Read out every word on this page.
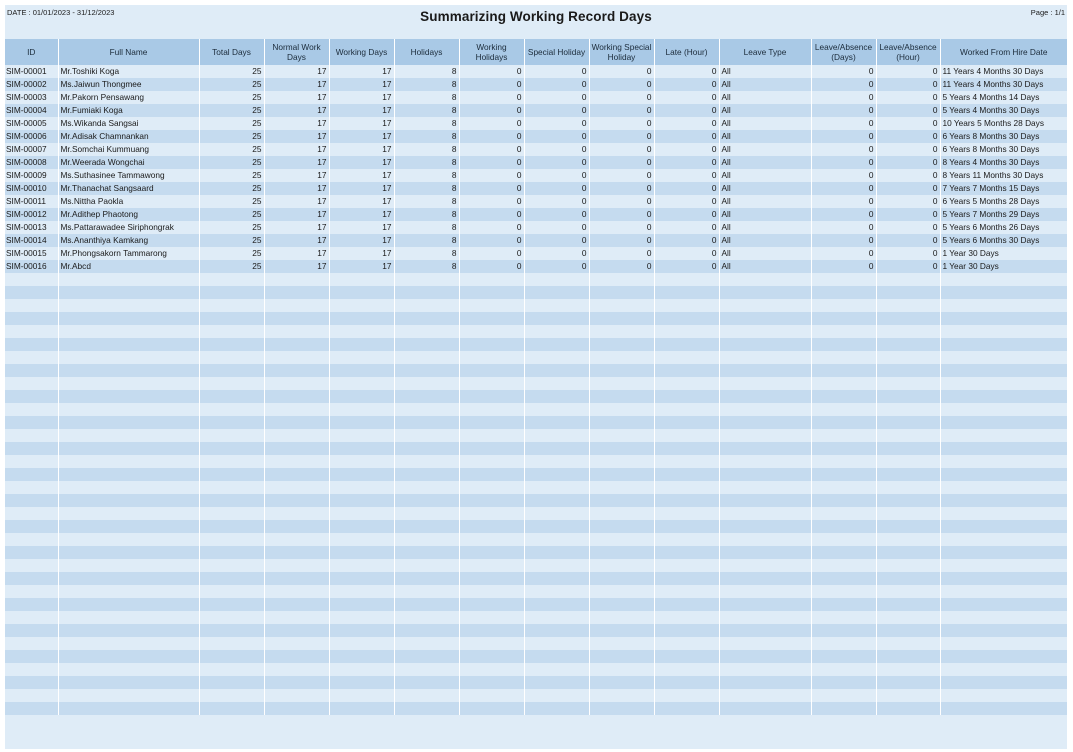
DATE : 01/01/2023 - 31/12/2023	Summarizing Working Record Days	Page : 1/1
ID	Full Name	Total Days	Normal Work Days	Working Days	Holidays	Working Holidays	Special Holiday	Working Special Holiday	Late (Hour)	Leave Type	Leave/Absence (Days)	Leave/Absence (Hour)	Worked From Hire Date
SIM-00001	Mr.Toshiki Koga	25	17	17	8	0	0	0	0	All	0	0	11 Years 4 Months 30 Days
SIM-00002	Ms.Jaiwun Thongmee	25	17	17	8	0	0	0	0	All	0	0	11 Years 4 Months 30 Days
SIM-00003	Mr.Pakorn Pensawang	25	17	17	8	0	0	0	0	All	0	0	5 Years 4 Months 14 Days
SIM-00004	Mr.Fumiaki Koga	25	17	17	8	0	0	0	0	All	0	0	5 Years 4 Months 30 Days
SIM-00005	Ms.Wikanda Sangsai	25	17	17	8	0	0	0	0	All	0	0	10 Years 5 Months 28 Days
SIM-00006	Mr.Adisak Chamnankan	25	17	17	8	0	0	0	0	All	0	0	6 Years 8 Months 30 Days
SIM-00007	Mr.Somchai Kummuang	25	17	17	8	0	0	0	0	All	0	0	6 Years 8 Months 30 Days
SIM-00008	Mr.Weerada Wongchai	25	17	17	8	0	0	0	0	All	0	0	8 Years 4 Months 30 Days
SIM-00009	Ms.Suthasinee Tammawong	25	17	17	8	0	0	0	0	All	0	0	8 Years 11 Months 30 Days
SIM-00010	Mr.Thanachat Sangsaard	25	17	17	8	0	0	0	0	All	0	0	7 Years 7 Months 15 Days
SIM-00011	Ms.Nittha Paokla	25	17	17	8	0	0	0	0	All	0	0	6 Years 5 Months 28 Days
SIM-00012	Mr.Adithep Phaotong	25	17	17	8	0	0	0	0	All	0	0	5 Years 7 Months 29 Days
SIM-00013	Ms.Pattarawadee Siriphongrak	25	17	17	8	0	0	0	0	All	0	0	5 Years 6 Months 26 Days
SIM-00014	Ms.Ananthiya Kamkang	25	17	17	8	0	0	0	0	All	0	0	5 Years 6 Months 30 Days
SIM-00015	Mr.Phongsakorn Tammarong	25	17	17	8	0	0	0	0	All	0	0	1 Year 30 Days
SIM-00016	Mr.Abcd	25	17	17	8	0	0	0	0	All	0	0	1 Year 30 Days
